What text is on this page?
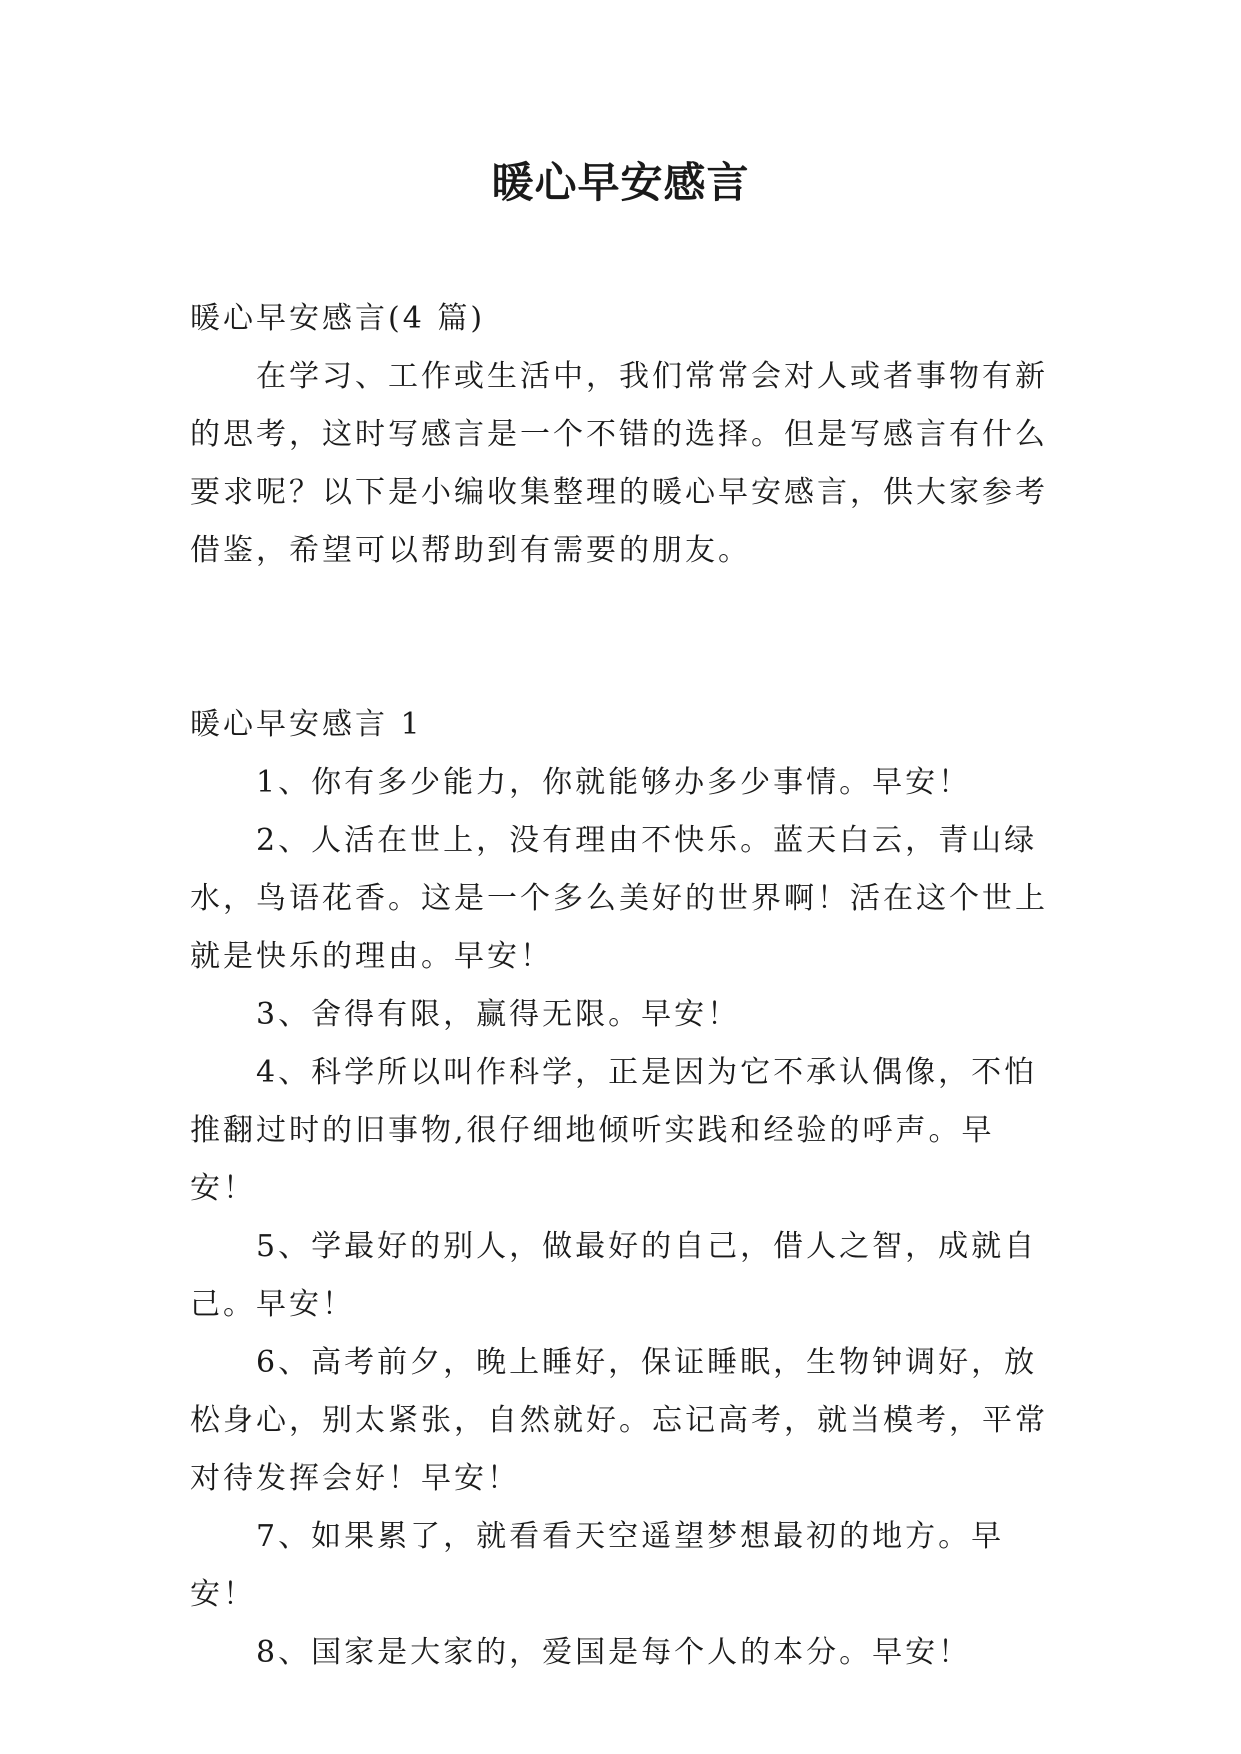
暖心早安感言

暖心早安感言(4 篇)

在学习、工作或生活中，我们常常会对人或者事物有新的思考，这时写感言是一个不错的选择。但是写感言有什么要求呢？以下是小编收集整理的暖心早安感言，供大家参考借鉴，希望可以帮助到有需要的朋友。

暖心早安感言 1

1、你有多少能力，你就能够办多少事情。早安！

2、人活在世上，没有理由不快乐。蓝天白云，青山绿水，鸟语花香。这是一个多么美好的世界啊！活在这个世上就是快乐的理由。早安！

3、舍得有限，赢得无限。早安！

4、科学所以叫作科学，正是因为它不承认偶像，不怕推翻过时的旧事物,很仔细地倾听实践和经验的呼声。早安！

5、学最好的别人，做最好的自己，借人之智，成就自己。早安！

6、高考前夕，晚上睡好，保证睡眠，生物钟调好，放松身心，别太紧张，自然就好。忘记高考，就当模考，平常对待发挥会好！早安！

7、如果累了，就看看天空遥望梦想最初的地方。早安！

8、国家是大家的，爱国是每个人的本分。早安！
